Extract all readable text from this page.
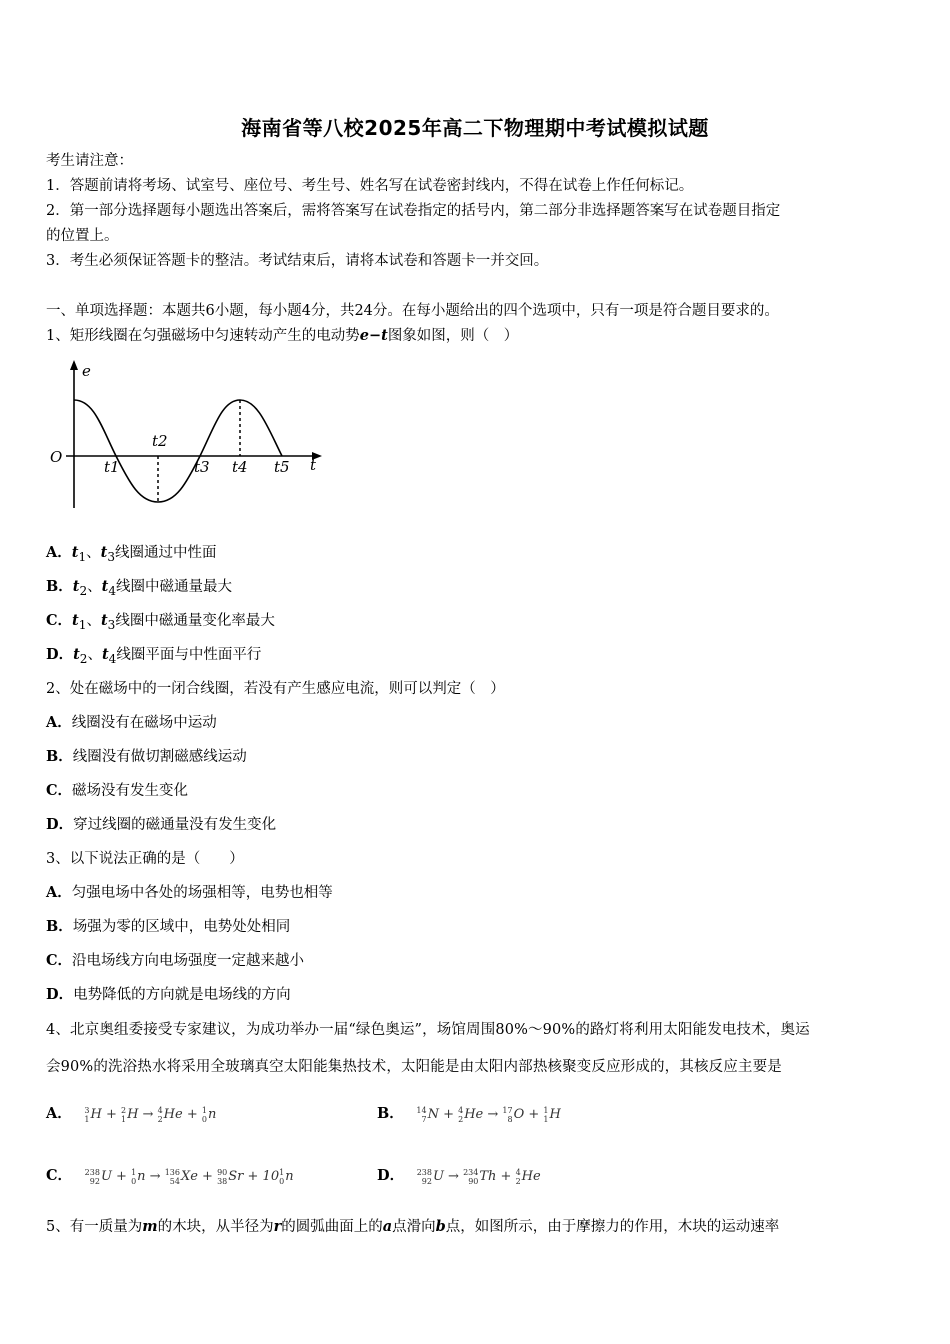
海南省等八校2025年高二下物理期中考试模拟试题
考生请注意：
1．答题前请将考场、试室号、座位号、考生号、姓名写在试卷密封线内，不得在试卷上作任何标记。
2．第一部分选择题每小题选出答案后，需将答案写在试卷指定的括号内，第二部分非选择题答案写在试卷题目指定
的位置上。
3．考生必须保证答题卡的整洁。考试结束后，请将本试卷和答题卡一并交回。
一、单项选择题：本题共6小题，每小题4分，共24分。在每小题给出的四个选项中，只有一项是符合题目要求的。
1、矩形线圈在匀强磁场中匀速转动产生的电动势e−t图象如图，则（　）
e
O	t
t1
t2
t3 t4 t5
A．$t_1$、$t_3$线圈通过中性面
B．$t_2$、$t_4$线圈中磁通量最大
C．$t_1$、$t_3$线圈中磁通量变化率最大
D．$t_2$、$t_4$线圈平面与中性面平行
2、处在磁场中的一闭合线圈，若没有产生感应电流，则可以判定（　）
A．线圈没有在磁场中运动
B．线圈没有做切割磁感线运动
C．磁场没有发生变化
D．穿过线圈的磁通量没有发生变化
3、以下说法正确的是（　　）
A．匀强电场中各处的场强相等，电势也相等
B．场强为零的区域中，电势处处相同
C．沿电场线方向电场强度一定越来越小
D．电势降低的方向就是电场线的方向
4、北京奥组委接受专家建议，为成功举办一届“绿色奥运”，场馆周围80%～90%的路灯将利用太阳能发电技术，奥运
会90%的洗浴热水将采用全玻璃真空太阳能集热技术，太阳能是由太阳内部热核聚变反应形成的，其核反应主要是
A． 3
1 H + 2
1 H → 4
2 He + 1
0 n	B． 14
7 N + 4
2 He → 17
8 O + 1
1 H
C． 238
92 U + 1
0 n → 136
54 Xe + 90
38 Sr + 10 1
0 n	D． 238
92 U → 234
90 Th + 4
2 He
5、有一质量为m的木块，从半径为r的圆弧曲面上的a点滑向b点，如图所示，由于摩擦力的作用，木块的运动速率
